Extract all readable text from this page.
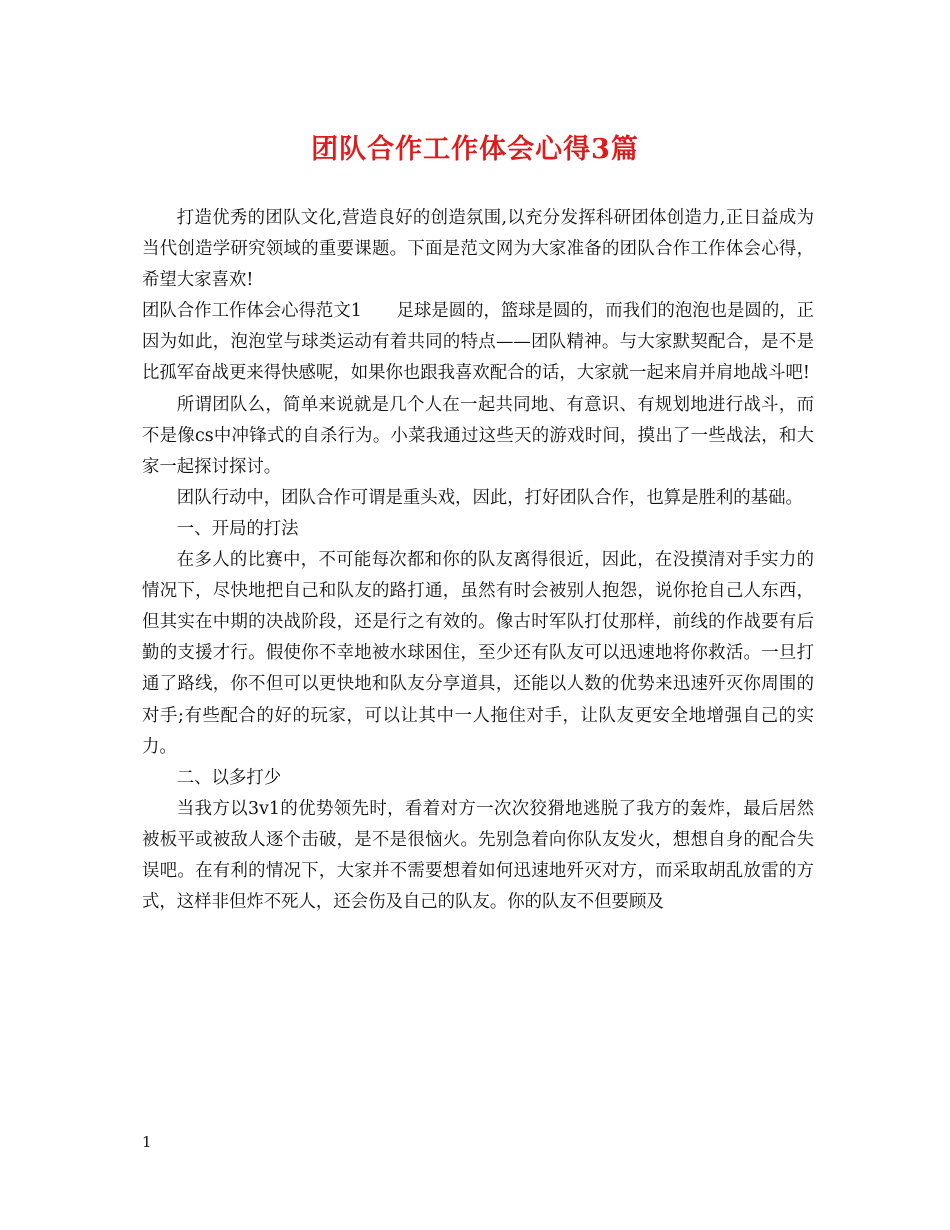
团队合作工作体会心得3篇

打造优秀的团队文化,营造良好的创造氛围,以充分发挥科研团体创造力,正日益成为当代创造学研究领域的重要课题。下面是范文网为大家准备的团队合作工作体会心得，希望大家喜欢!

团队合作工作体会心得范文1　　足球是圆的，篮球是圆的，而我们的泡泡也是圆的，正因为如此，泡泡堂与球类运动有着共同的特点——团队精神。与大家默契配合，是不是比孤军奋战更来得快感呢，如果你也跟我喜欢配合的话，大家就一起来肩并肩地战斗吧!

所谓团队么，简单来说就是几个人在一起共同地、有意识、有规划地进行战斗，而不是像cs中冲锋式的自杀行为。小菜我通过这些天的游戏时间，摸出了一些战法，和大家一起探讨探讨。

团队行动中，团队合作可谓是重头戏，因此，打好团队合作，也算是胜利的基础。

一、开局的打法

在多人的比赛中，不可能每次都和你的队友离得很近，因此，在没摸清对手实力的情况下，尽快地把自己和队友的路打通，虽然有时会被别人抱怨，说你抢自己人东西，但其实在中期的决战阶段，还是行之有效的。像古时军队打仗那样，前线的作战要有后勤的支援才行。假使你不幸地被水球困住，至少还有队友可以迅速地将你救活。一旦打通了路线，你不但可以更快地和队友分享道具，还能以人数的优势来迅速歼灭你周围的对手;有些配合的好的玩家，可以让其中一人拖住对手，让队友更安全地增强自己的实力。

二、以多打少

当我方以3v1的优势领先时，看着对方一次次狡猾地逃脱了我方的轰炸，最后居然被板平或被敌人逐个击破，是不是很恼火。先别急着向你队友发火，想想自身的配合失误吧。在有利的情况下，大家并不需要想着如何迅速地歼灭对方，而采取胡乱放雷的方式，这样非但炸不死人，还会伤及自己的队友。你的队友不但要顾及

1
